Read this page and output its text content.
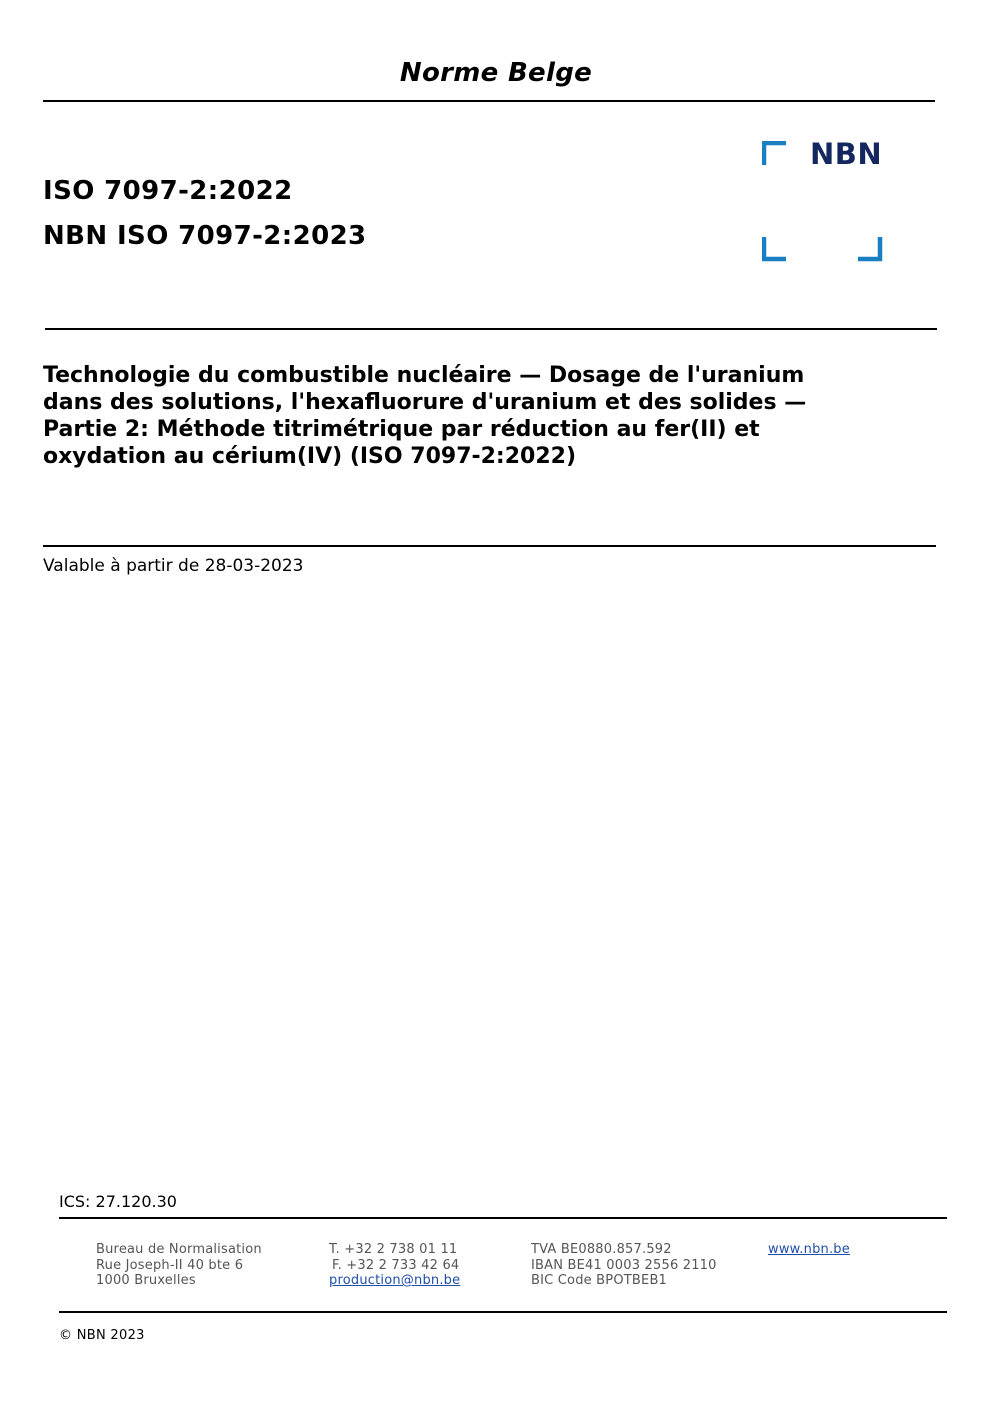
Norme Belge
ISO 7097-2:2022
NBN ISO 7097-2:2023
NBN
Technologie du combustible nucléaire — Dosage de l'uranium
dans des solutions, l'hexafluorure d'uranium et des solides —
Partie 2: Méthode titrimétrique par réduction au fer(II) et
oxydation au cérium(IV) (ISO 7097-2:2022)
Valable à partir de 28-03-2023
ICS: 27.120.30
Bureau de Normalisation
Rue Joseph-II 40 bte 6
1000 Bruxelles
T. +32 2 738 01 11
F. +32 2 733 42 64
production@nbn.be
TVA BE0880.857.592
IBAN BE41 0003 2556 2110
BIC Code BPOTBEB1
www.nbn.be
© NBN 2023
